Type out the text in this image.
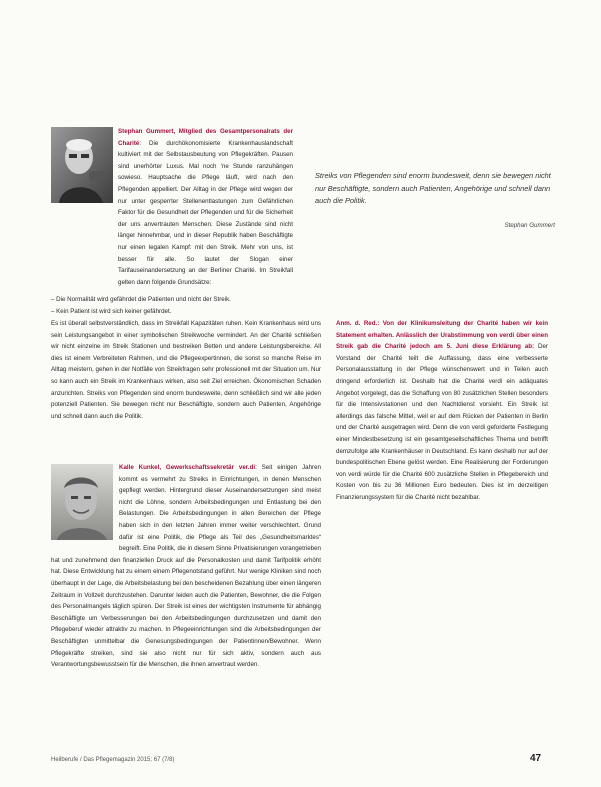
Stephan Gummert, Mitglied des Gesamtpersonalrats der Charité: Die durchökonomisierte Krankenhauslandschaft kultiviert mit der Selbstausbeutung von Pflegekräften. Pausen sind unerhörter Luxus. Mal noch 'ne Stunde ranzuhängen sowieso. Hauptsache die Pflege läuft, wird nach den Pflegenden appelliert. Der Alltag in der Pflege wird wegen der nur unter gesperrter Stellenentlastungen zum Gefährlichen Faktor für die Gesundheit der Pflegenden und für die Sicherheit der uns anvertrauten Menschen. Diese Zustände sind nicht länger hinnehmbar, und in dieser Republik haben Beschäftigte nur einen legalen Kampf: mit den Streik. Mehr von uns, ist besser für alle. So lautet der Slogan einer Tarifauseinandersetzung an der Berliner Charité. Im Streikfall gelten dann folgende Grundsätze:
Streiks von Pflegenden sind enorm bundesweit, denn sie bewegen nicht nur Beschäftigte, sondern auch Patienten, Angehörige und schnell dann auch die Politik.
Stephan Gummert
– Die Normalität wird gefährdet die Patienten und nicht der Streik.
– Kein Patient ist wird sich keiner gefährdet.
Es ist überall selbstverständlich, dass im Streikfall Kapazitäten ruhen. Kein Krankenhaus wird uns sein Leistungsangebot in einer symbolischen Streikwoche vermindert. An der Charité schließen wir nicht einzelne im Streik Stationen und bestreiken Betten und andere Leistungsbereiche. All dies ist einem Verbreiteten Rahmen, und die Pflegeexpertinnen, die sonst so manche Reise im Alltag meistern, gehen in der Notfälle von Streikfragen sehr professionell mit der Situation um. Nur so kann auch ein Streik im Krankenhaus wirken, also seit Ziel erreichen. Ökonomischen Schaden anzurichten. Streiks von Pflegenden sind enorm bundesweite, denn schließlich sind wir alle jeden potenziell Patienten. Sie bewegen nicht nur Beschäftigte, sondern auch Patienten, Angehörige und schnell dann auch die Politik.
Anm. d. Red.: Von der Klinikumsleitung der Charité haben wir kein Statement erhalten. Anlässlich der Urabstimmung von verdi über einen Streik gab die Charité jedoch am 5. Juni diese Erklärung ab: Der Vorstand der Charité teilt die Auffassung, dass eine verbesserte Personalausstattung in der Pflege wünschenswert und in Teilen auch dringend erforderlich ist. Deshalb hat die Charité verdi ein adäquates Angebot vorgelegt, das die Schaffung von 80 zusätzlichen Stellen besonders für die Intensivstationen und den Nachtdienst vorsieht. Ein Streik ist allerdings das falsche Mittel, weil er auf dem Rücken der Patienten in Berlin und der Charité ausgetragen wird. Denn die von verdi geforderte Festlegung einer Mindestbesetzung ist ein gesamtgesellschaftliches Thema und betrifft demzufolge alle Krankenhäuser in Deutschland. Es kann deshalb nur auf der bundespolitischen Ebene gelöst werden. Eine Realisierung der Forderungen von verdi würde für die Charité 600 zusätzliche Stellen in Pflegebereich und Kosten von bis zu 36 Millionen Euro bedeuten. Dies ist im derzeitigen Finanzierungssystem für die Charité nicht bezahlbar.
Kalle Kunkel, Gewerkschaftssekretär ver.di: Seit einigen Jahren kommt es vermehrt zu Streiks in Einrichtungen, in denen Menschen gepflegt werden. Hintergrund dieser Auseinandersetzungen sind meist nicht die Löhne, sondern Arbeitsbedingungen und Entlastung bei den Belastungen. Die Arbeitsbedingungen in allen Bereichen der Pflege haben sich in den letzten Jahren immer weiter verschlechtert. Grund dafür ist eine Politik, die Pflege als Teil des „Gesundheitsmarktes“ begreift. Eine Politik, die in diesem Sinne Privatisierungen vorangetrieben hat und zunehmend den finanziellen Druck auf die Personalkosten und damit Tarifpolitik erhöht hat. Diese Entwicklung hat zu einem einem Pflegenotstand geführt. Nur wenige Kliniken sind noch überhaupt in der Lage, die Arbeitsbelastung bei den bescheidenen Bezahlung über einen längeren Zeitraum in Vollzeit durchzustehen. Darunter leiden auch die Patienten, Bewohner, die die Folgen des Personalmangels täglich spüren. Der Streik ist eines der wichtigsten Instrumente für abhängig Beschäftigte um Verbesserungen bei den Arbeitsbedingungen durchzusetzen und damit den Pflegeberuf wieder attraktiv zu machen. In Pflegeeinrichtungen sind die Arbeitsbedingungen der Beschäftigten unmittelbar die Genesungsbedingungen der Patientinnen/Bewohner. Wenn Pflegekräfte streiken, sind sie also nicht nur für sich aktiv, sondern auch aus Verantwortungsbewusstsein für die Menschen, die ihnen anvertraut werden.
Heilberufe / Das Pflegemagazin 2015; 67 (7/8)	47
